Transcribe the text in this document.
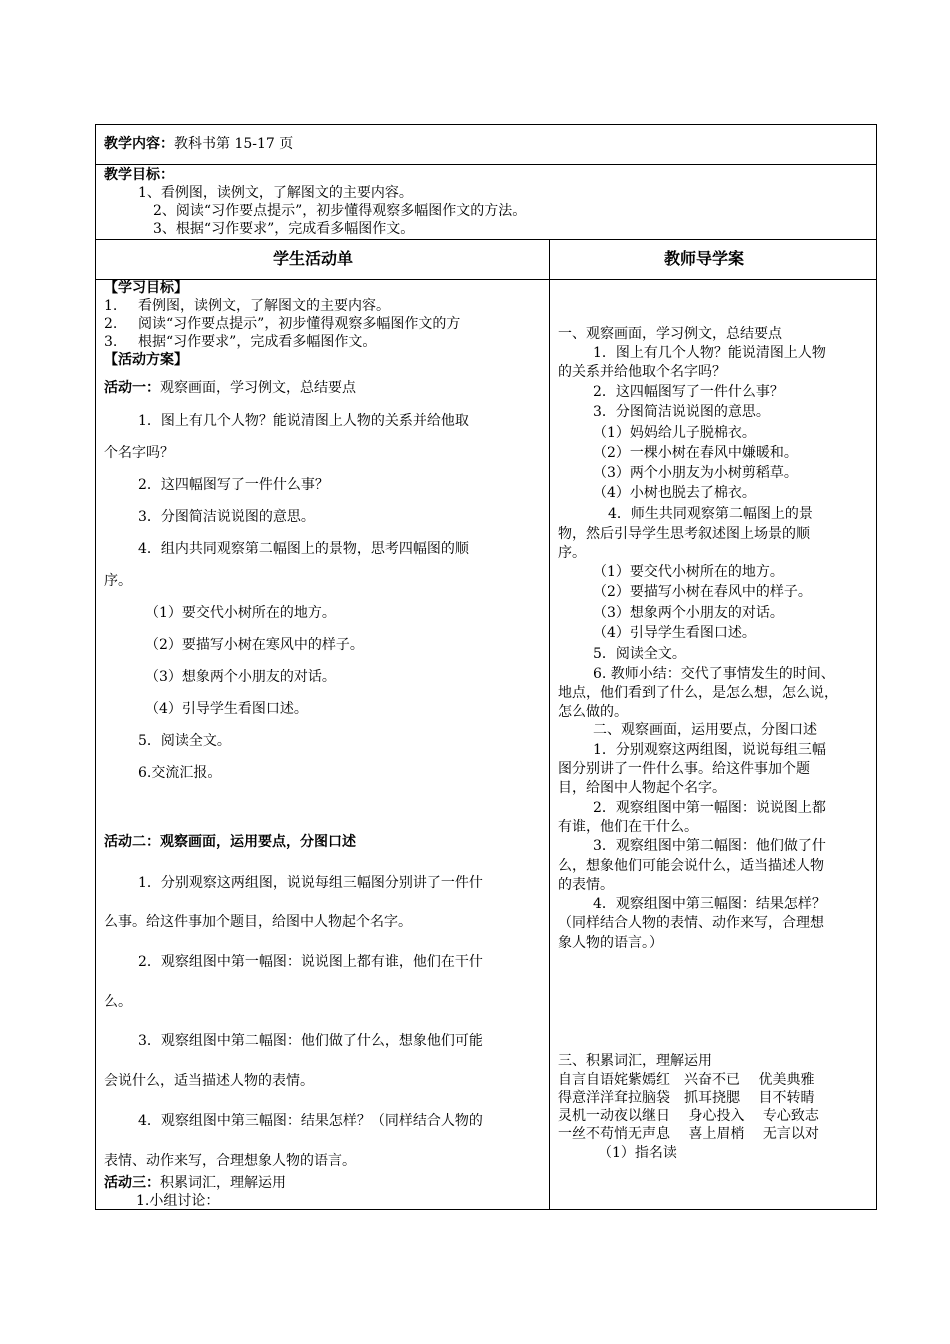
教学内容：教科书第 15-17 页
教学目标：
1、看例图，读例文，了解图文的主要内容。
2、阅读“习作要点提示”，初步懂得观察多幅图作文的方法。
3、根据“习作要求”，完成看多幅图作文。
学生活动单	教师导学案
【学习目标】
1. 看例图，读例文，了解图文的主要内容。
2. 阅读“习作要点提示”，初步懂得观察多幅图作文的方
3. 根据“习作要求”，完成看多幅图作文。
【活动方案】
活动一：观察画面，学习例文，总结要点
1．图上有几个人物？能说清图上人物的关系并给他取
个名字吗？
2．这四幅图写了一件什么事？
3．分图简洁说说图的意思。
4．组内共同观察第二幅图上的景物，思考四幅图的顺
序。
（1）要交代小树所在的地方。
（2）要描写小树在寒风中的样子。
（3）想象两个小朋友的对话。
（4）引导学生看图口述。
5．阅读全文。
6.交流汇报。
活动二：观察画面，运用要点，分图口述
1．分别观察这两组图，说说每组三幅图分别讲了一件什
么事。给这件事加个题目，给图中人物起个名字。
2．观察组图中第一幅图：说说图上都有谁，他们在干什
么。
3．观察组图中第二幅图：他们做了什么，想象他们可能
会说什么，适当描述人物的表情。
4．观察组图中第三幅图：结果怎样？（同样结合人物的
表情、动作来写，合理想象人物的语言。
活动三：积累词汇，理解运用
1.小组讨论：
一、观察画面，学习例文，总结要点
1．图上有几个人物？能说清图上人物
的关系并给他取个名字吗？
2．这四幅图写了一件什么事？
3．分图简洁说说图的意思。
（1）妈妈给儿子脱棉衣。
（2）一棵小树在春风中嫌暖和。
（3）两个小朋友为小树剪稻草。
（4）小树也脱去了棉衣。
4．师生共同观察第二幅图上的景
物，然后引导学生思考叙述图上场景的顺
序。
（1）要交代小树所在的地方。
（2）要描写小树在春风中的样子。
（3）想象两个小朋友的对话。
（4）引导学生看图口述。
5．阅读全文。
6. 教师小结：交代了事情发生的时间、
地点，他们看到了什么，是怎么想，怎么说，
怎么做的。
二、观察画面，运用要点，分图口述
1．分别观察这两组图，说说每组三幅
图分别讲了一件什么事。给这件事加个题
目，给图中人物起个名字。
2．观察组图中第一幅图：说说图上都
有谁，他们在干什么。
3．观察组图中第二幅图：他们做了什
么，想象他们可能会说什么，适当描述人物
的表情。
4．观察组图中第三幅图：结果怎样？
（同样结合人物的表情、动作来写，合理想
象人物的语言。）
三、积累词汇，理解运用
自言自语姹紫嫣红　兴奋不已　 优美典雅
得意洋洋耷拉脑袋　抓耳挠腮　 目不转睛
灵机一动夜以继日　 身心投入　 专心致志
一丝不苟悄无声息　 喜上眉梢　 无言以对
（1）指名读
